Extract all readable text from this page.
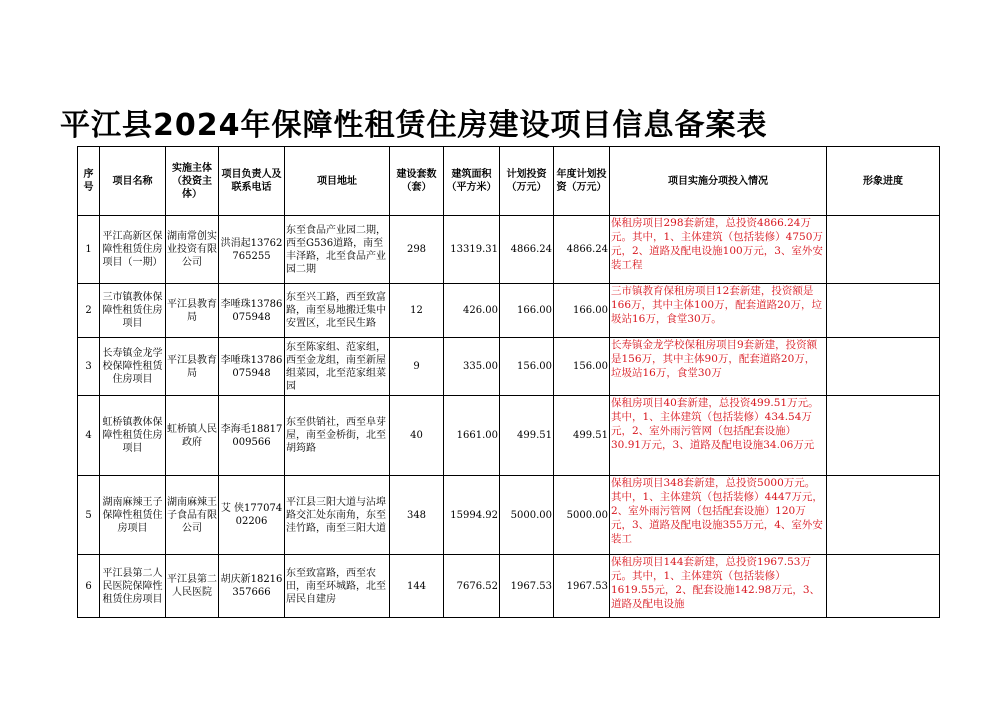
平江县2024年保障性租赁住房建设项目信息备案表
序号	项目名称	实施主体（投资主体）	项目负责人及联系电话	项目地址	建设套数（套）	建筑面积（平方米）	计划投资（万元）	年度计划投资（万元）	项目实施分项投入情况	形象进度
1	平江高新区保障性租赁住房项目（一期）	湖南常创实业投资有限公司	洪涓起13762765255	东至食品产业园二期，西至G536道路，南至丰泽路，北至食品产业园二期	298	13319.31	4866.24	4866.24	保租房项目298套新建，总投资4866.24万元。其中，1、主体建筑（包括装修）4750万元，2、道路及配电设施100万元，3、室外安装工程	
2	三市镇教体保障性租赁住房项目	平江县教育局	李唾珠13786075948	东至兴工路，西至致富路，南至易地搬迁集中安置区，北至民生路	12	426.00	166.00	166.00	三市镇教育保租房项目12套新建，投资额是166万，其中主体100万，配套道路20万，垃圾站16万，食堂30万。	
3	长寿镇金龙学校保障性租赁住房项目	平江县教育局	李唾珠13786075948	东至陈家组、范家组，西至金龙组，南至新屋组菜园，北至范家组菜园	9	335.00	156.00	156.00	长寿镇金龙学校保租房项目9套新建，投资额是156万，其中主体90万，配套道路20万，垃圾站16万，食堂30万	
4	虹桥镇教体保障性租赁住房项目	虹桥镇人民政府	李海毛18817009566	东至供销社，西至阜芽屋，南至金桥街，北至胡筠路	40	1661.00	499.51	499.51	保租房项目40套新建，总投资499.51万元。其中，1、主体建筑（包括装修）434.54万元，2、室外雨污管网（包括配套设施）30.91万元，3、道路及配电设施34.06万元	
5	湖南麻辣王子保障性租赁住房项目	湖南麻辣王子食品有限公司	艾 侠17707402206	平江县三阳大道与沾埠路交汇处东南角，东至洼竹路，南至三阳大道	348	15994.92	5000.00	5000.00	保租房项目348套新建，总投资5000万元。其中，1、主体建筑（包括装修）4447万元，2、室外雨污管网（包括配套设施）120万元，3、道路及配电设施355万元，4、室外安装工	
6	平江县第二人民医院保障性租赁住房项目	平江县第二人民医院	胡庆新18216357666	东至致富路，西至农田，南至环城路，北至居民自建房	144	7676.52	1967.53	1967.53	保租房项目144套新建，总投资1967.53万元。其中，1、主体建筑（包括装修）1619.55元，2、配套设施142.98万元，3、道路及配电设施	
